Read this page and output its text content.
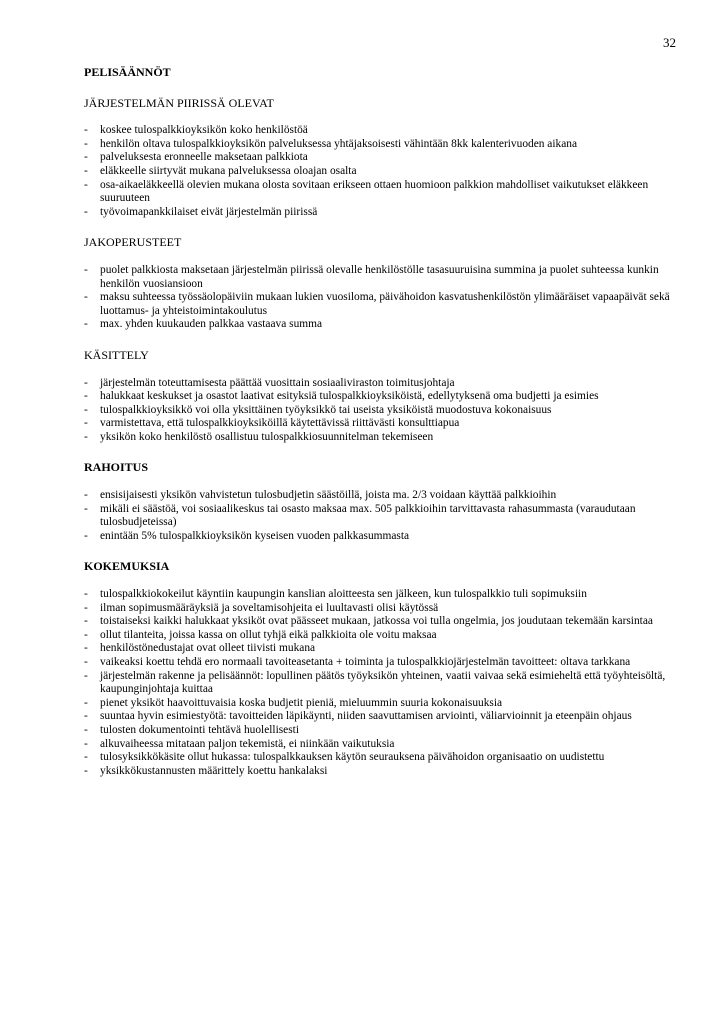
32
PELISÄÄNNÖT
JÄRJESTELMÄN PIIRISSÄ OLEVAT
- koskee tulospalkkioyksikön koko henkilöstöä
- henkilön oltava tulospalkkioyksikön palveluksessa yhtäjaksoisesti vähintään 8kk kalenterivuoden aikana
- palveluksesta eronneelle maksetaan palkkiota
- eläkkeelle siirtyvät mukana palveluksessa oloajan osalta
- osa-aikaeläkkeellä olevien mukana olosta sovitaan erikseen ottaen huomioon palkkion mahdolliset vaikutukset eläkkeen suuruuteen
- työvoimapankkilaiset eivät järjestelmän piirissä
JAKOPERUSTEET
- puolet palkkiosta maksetaan järjestelmän piirissä olevalle henkilöstölle tasasuuruisina summina ja puolet suhteessa kunkin henkilön vuosiansioon
- maksu suhteessa työssäolopäiviin mukaan lukien vuosiloma, päivähoidon kasvatushenkilöstön ylimääräiset vapaapäivät sekä luottamus- ja yhteistoimintakoulutus
- max. yhden kuukauden palkkaa vastaava summa
KÄSITTELY
- järjestelmän toteuttamisesta päättää vuosittain sosiaaliviraston toimitusjohtaja
- halukkaat keskukset ja osastot laativat esityksiä tulospalkkioyksiköistä, edellytyksenä oma budjetti ja esimies
- tulospalkkioyksikkö voi olla yksittäinen työyksikkö tai useista yksiköistä muodostuva kokonaisuus
- varmistettava, että tulospalkkioyksiköillä käytettävissä riittävästi konsulttiapua
- yksikön koko henkilöstö osallistuu tulospalkkiosuunnitelman tekemiseen
RAHOITUS
- ensisijaisesti yksikön vahvistetun tulosbudjetin säästöillä, joista ma. 2/3 voidaan käyttää palkkioihin
- mikäli ei säästöä, voi sosiaalikeskus tai osasto maksaa max. 505 palkkioihin tarvittavasta rahasummasta (varaudutaan tulosbudjeteissa)
- enintään 5% tulospalkkioyksikön kyseisen vuoden palkkasummasta
KOKEMUKSIA
- tulospalkkiokokeilut käyntiin kaupungin kanslian aloitteesta sen jälkeen, kun tulospalkkio tuli sopimuksiin
- ilman sopimusmääräyksiä ja soveltamisohjeita ei luultavasti olisi käytössä
- toistaiseksi kaikki halukkaat yksiköt ovat päässeet mukaan, jatkossa voi tulla ongelmia, jos joudutaan tekemään karsintaa
- ollut tilanteita, joissa kassa on ollut tyhjä eikä palkkioita ole voitu maksaa
- henkilöstönedustajat ovat olleet tiivisti mukana
- vaikeaksi koettu tehdä ero normaali tavoiteasetanta + toiminta ja tulospalkkiojärjestelmän tavoitteet: oltava tarkkana
- järjestelmän rakenne ja pelisäännöt: lopullinen päätös työyksikön yhteinen, vaatii vaivaa sekä esimieheltä että työyhteisöltä, kaupunginjohtaja kuittaa
- pienet yksiköt haavoittuvaisia koska budjetit pieniä, mieluummin suuria kokonaisuuksia
- suuntaa hyvin esimiestyötä: tavoitteiden läpikäynti, niiden saavuttamisen arviointi, väliarvioinnit ja eteenpäin ohjaus
- tulosten dokumentointi tehtävä huolellisesti
- alkuvaiheessa mitataan paljon tekemistä, ei niinkään vaikutuksia
- tulosyksikkökäsite ollut hukassa: tulospalkkauksen käytön seurauksena päivähoidon organisaatio on uudistettu
- yksikkökustannusten määrittely koettu hankalaksi
